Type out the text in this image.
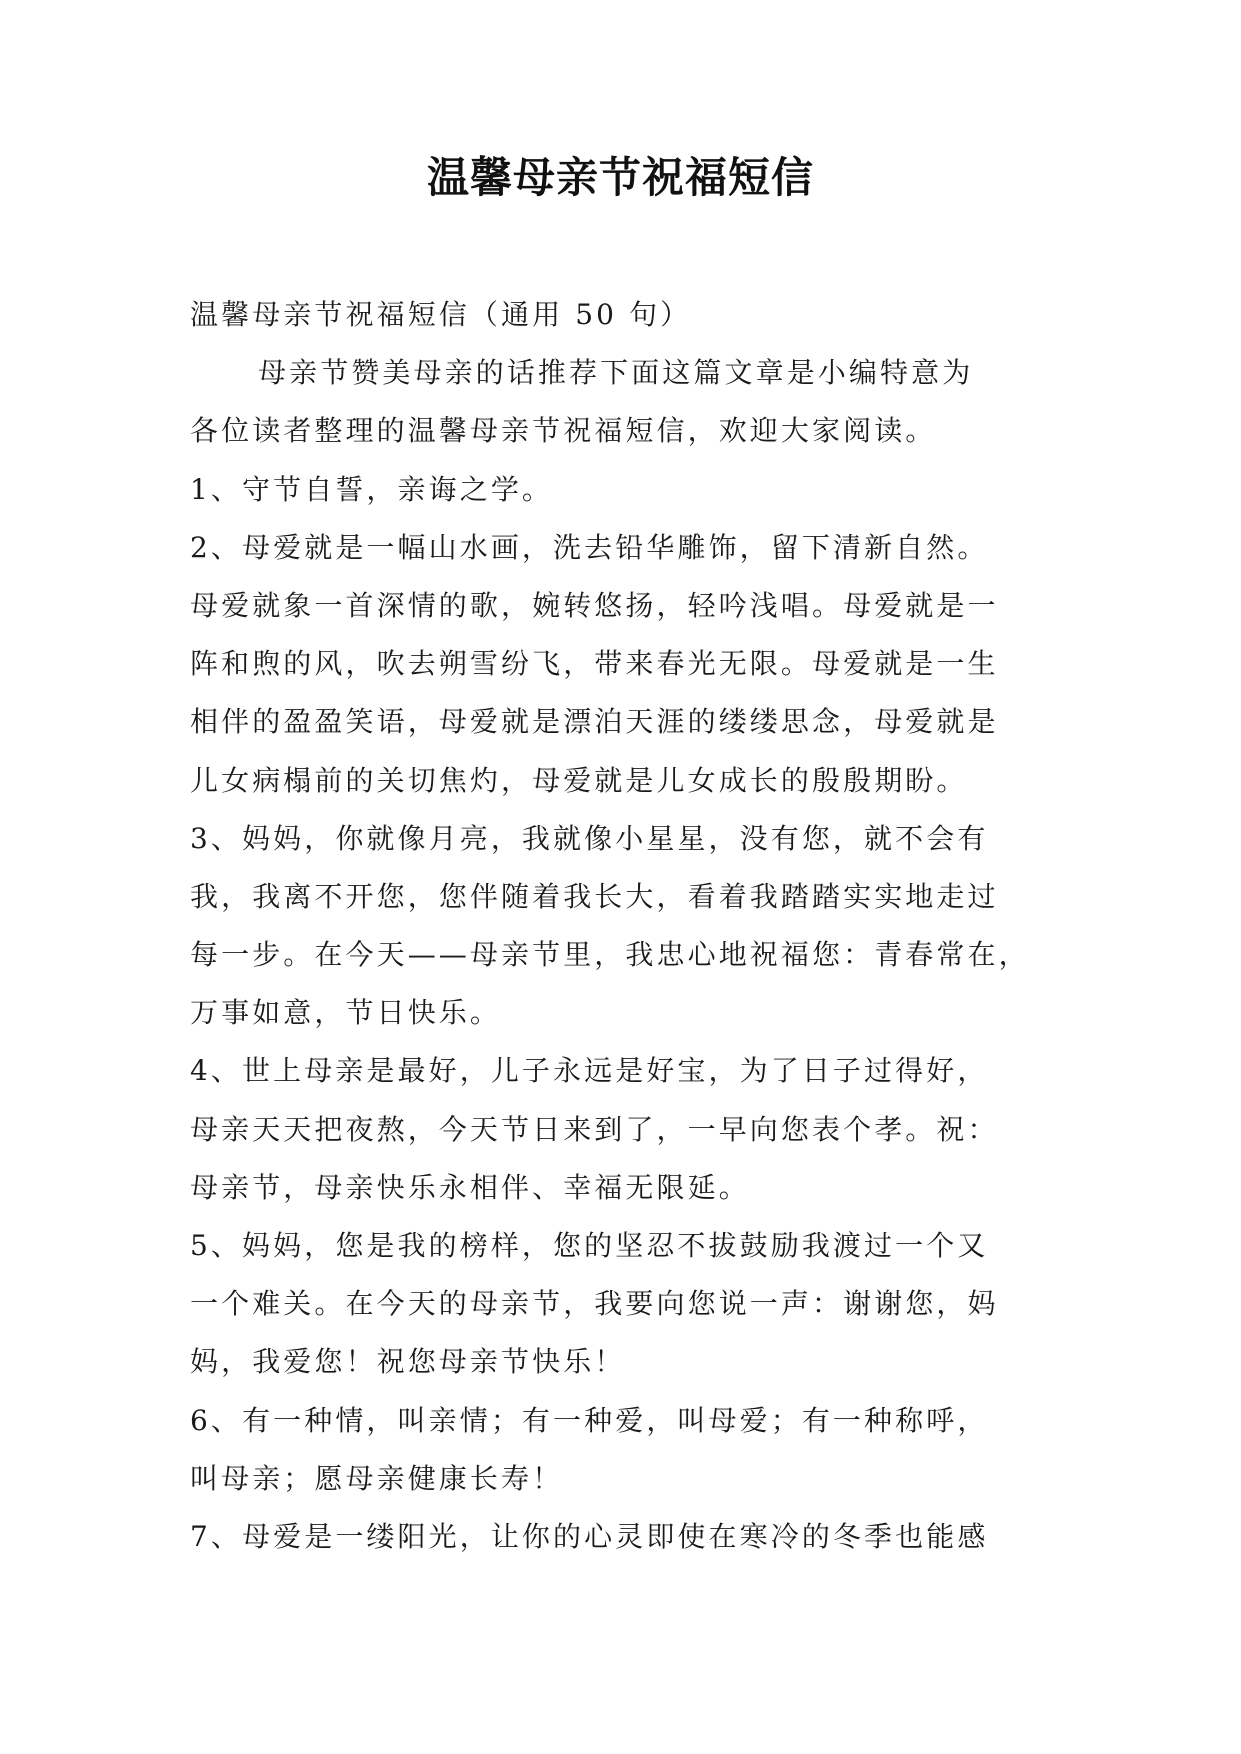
温馨母亲节祝福短信
温馨母亲节祝福短信（通用 50 句）
母亲节赞美母亲的话推荐下面这篇文章是小编特意为
各位读者整理的温馨母亲节祝福短信，欢迎大家阅读。
1、守节自誓，亲诲之学。
2、母爱就是一幅山水画，洗去铅华雕饰，留下清新自然。
母爱就象一首深情的歌，婉转悠扬，轻吟浅唱。母爱就是一
阵和煦的风，吹去朔雪纷飞，带来春光无限。母爱就是一生
相伴的盈盈笑语，母爱就是漂泊天涯的缕缕思念，母爱就是
儿女病榻前的关切焦灼，母爱就是儿女成长的殷殷期盼。
3、妈妈，你就像月亮，我就像小星星，没有您，就不会有
我，我离不开您，您伴随着我长大，看着我踏踏实实地走过
每一步。在今天——母亲节里，我忠心地祝福您：青春常在，
万事如意，节日快乐。
4、世上母亲是最好，儿子永远是好宝，为了日子过得好，
母亲天天把夜熬，今天节日来到了，一早向您表个孝。祝：
母亲节，母亲快乐永相伴、幸福无限延。
5、妈妈，您是我的榜样，您的坚忍不拔鼓励我渡过一个又
一个难关。在今天的母亲节，我要向您说一声：谢谢您，妈
妈，我爱您！祝您母亲节快乐！
6、有一种情，叫亲情；有一种爱，叫母爱；有一种称呼，
叫母亲；愿母亲健康长寿！
7、母爱是一缕阳光，让你的心灵即使在寒冷的冬季也能感
